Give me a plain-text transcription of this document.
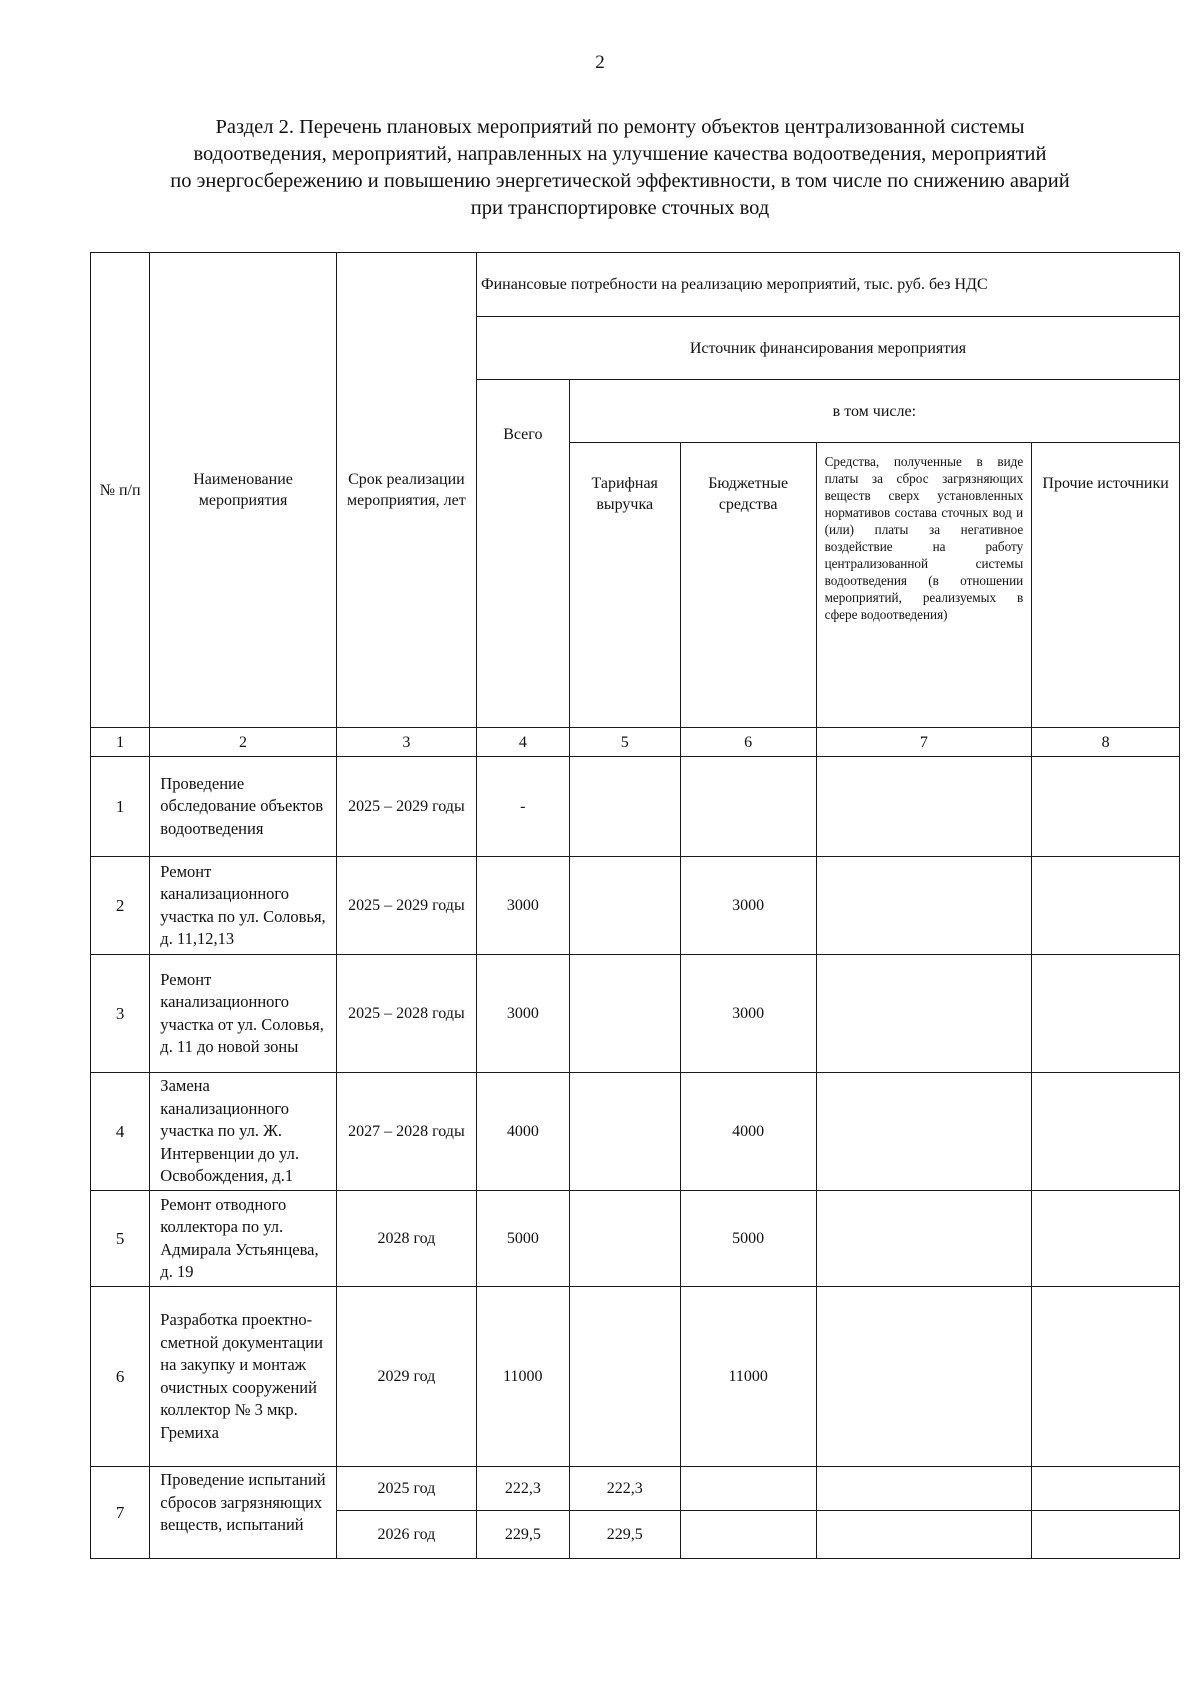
2
Раздел 2. Перечень плановых мероприятий по ремонту объектов централизованной системы
водоотведения, мероприятий, направленных на улучшение качества водоотведения, мероприятий
по энергосбережению и повышению энергетической эффективности, в том числе по снижению аварий
при транспортировке сточных вод
№ п/п	Наименование мероприятия	Срок реализации мероприятия, лет	Финансовые потребности на реализацию мероприятий, тыс. руб. без НДС				
			Источник финансирования мероприятия				
			Всего	в том числе:			
				Тарифная выручка	Бюджетные средства	Средства, полученные в виде платы за сброс загрязняющих веществ сверх установленных нормативов состава сточных вод и (или) платы за негативное воздействие на работу централизованной системы водоотведения (в отношении мероприятий, реализуемых в сфере водоотведения)	Прочие источники
1	2	3	4	5	6	7	8
1	Проведение обследование объектов водоотведения	2025 – 2029 годы	-				
2	Ремонт канализационного участка по ул. Соловья, д. 11,12,13	2025 – 2029 годы	3000		3000		
3	Ремонт канализационного участка от ул. Соловья, д. 11 до новой зоны	2025 – 2028 годы	3000		3000		
4	Замена канализационного участка по ул. Ж. Интервенции до ул. Освобождения, д.1	2027 – 2028 годы	4000		4000		
5	Ремонт отводного коллектора по ул. Адмирала Устьянцева, д. 19	2028 год	5000		5000		
6	Разработка проектно-сметной документации на закупку и монтаж очистных сооружений коллектор № 3 мкр. Гремиха	2029 год	11000		11000		
7	Проведение испытаний сбросов загрязняющих веществ, испытаний	2025 год	222,3	222,3			
		2026 год	229,5	229,5			
